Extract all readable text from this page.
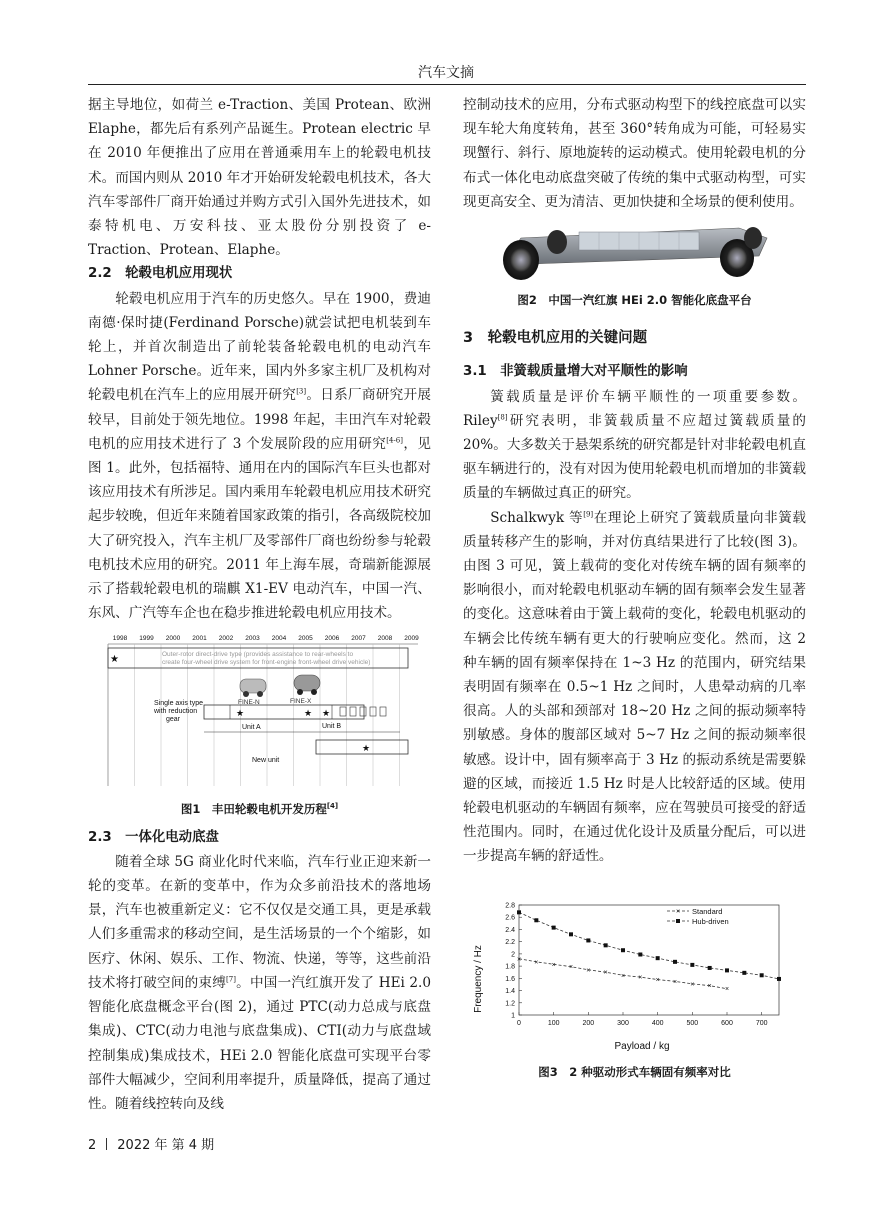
汽车文摘

据主导地位，如荷兰 e-Traction、美国 Protean、欧洲 Elaphe，都先后有系列产品诞生。Protean electric 早在 2010 年便推出了应用在普通乘用车上的轮毂电机技术。而国内则从 2010 年才开始研发轮毂电机技术，各大汽车零部件厂商开始通过并购方式引入国外先进技术，如泰特机电、万安科技、亚太股份分别投资了 e-Traction、Protean、Elaphe。

2.2　轮毂电机应用现状

轮毂电机应用于汽车的历史悠久。早在 1900，费迪南德·保时捷(Ferdinand Porsche)就尝试把电机装到车轮上，并首次制造出了前轮装备轮毂电机的电动汽车 Lohner Porsche。近年来，国内外多家主机厂及机构对轮毂电机在汽车上的应用展开研究[3]。日系厂商研究开展较早，目前处于领先地位。1998 年起，丰田汽车对轮毂电机的应用技术进行了 3 个发展阶段的应用研究[4-6]，见图 1。此外，包括福特、通用在内的国际汽车巨头也都对该应用技术有所涉足。国内乘用车轮毂电机应用技术研究起步较晚，但近年来随着国家政策的指引，各高级院校加大了研究投入，汽车主机厂及零部件厂商也纷纷参与轮毂电机技术应用的研究。2011 年上海车展，奇瑞新能源展示了搭载轮毂电机的瑞麒 X1-EV 电动汽车，中国一汽、东风、广汽等车企也在稳步推进轮毂电机应用技术。

1998 1999 2000 2001 2002 2003 2004 2005 2006 2007 2008 2009
Outer-rotor direct-drive type (provides assistance to rear-wheels to
create four-wheel drive system for front-engine front-wheel drive vehicle)
★
FINE-N	FINE-X
Single axis type
with reduction
gear
★	★ ★
Unit A	Unit B
★
New unit
图1　丰田轮毂电机开发历程[4]

2.3　一体化电动底盘

随着全球 5G 商业化时代来临，汽车行业正迎来新一轮的变革。在新的变革中，作为众多前沿技术的落地场景，汽车也被重新定义：它不仅仅是交通工具，更是承载人们多重需求的移动空间，是生活场景的一个个缩影，如医疗、休闲、娱乐、工作、物流、快递，等等，这些前沿技术将打破空间的束缚[7]。中国一汽红旗开发了 HEi 2.0 智能化底盘概念平台(图 2)，通过 PTC(动力总成与底盘集成)、CTC(动力电池与底盘集成)、CTI(动力与底盘域控制集成)集成技术，HEi 2.0 智能化底盘可实现平台零部件大幅减少，空间利用率提升，质量降低，提高了通过性。随着线控转向及线

控制动技术的应用，分布式驱动构型下的线控底盘可以实现车轮大角度转角，甚至 360°转角成为可能，可轻易实现蟹行、斜行、原地旋转的运动模式。使用轮毂电机的分布式一体化电动底盘突破了传统的集中式驱动构型，可实现更高安全、更为清洁、更加快捷和全场景的便利使用。

图2　中国一汽红旗 HEi 2.0 智能化底盘平台

3　轮毂电机应用的关键问题

3.1　非簧载质量增大对平顺性的影响

簧载质量是评价车辆平顺性的一项重要参数。Riley[8]研究表明，非簧载质量不应超过簧载质量的 20%。大多数关于悬架系统的研究都是针对非轮毂电机直驱车辆进行的，没有对因为使用轮毂电机而增加的非簧载质量的车辆做过真正的研究。

Schalkwyk 等[9]在理论上研究了簧载质量向非簧载质量转移产生的影响，并对仿真结果进行了比较(图 3)。由图 3 可见，簧上载荷的变化对传统车辆的固有频率的影响很小，而对轮毂电机驱动车辆的固有频率会发生显著的变化。这意味着由于簧上载荷的变化，轮毂电机驱动的车辆会比传统车辆有更大的行驶响应变化。然而，这 2 种车辆的固有频率保持在 1~3 Hz 的范围内，研究结果表明固有频率在 0.5~1 Hz 之间时，人患晕动病的几率很高。人的头部和颈部对 18~20 Hz 之间的振动频率特别敏感。身体的腹部区域对 5~7 Hz 之间的振动频率很敏感。设计中，固有频率高于 3 Hz 的振动系统是需要躲避的区域，而接近 1.5 Hz 时是人比较舒适的区域。使用轮毂电机驱动的车辆固有频率，应在驾驶员可接受的舒适性范围内。同时，在通过优化设计及质量分配后，可以进一步提高车辆的舒适性。

Frequency / Hz
Payload / kg
1
1.2
1.4
1.6
1.8
2
2.2
2.4
2.6
2.8
0	100	200	300	400	500	600	700
× × × × × × × × × × × × ×
× Standard
Hub-driven
图3　2 种驱动形式车辆固有频率对比
2 2022 年 第 4 期
